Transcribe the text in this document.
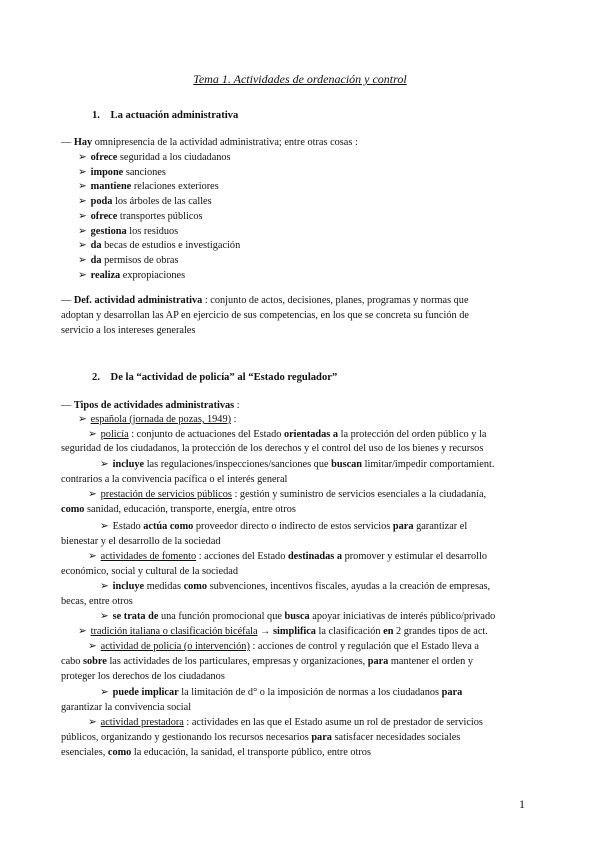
Tema 1. Actividades de ordenación y control
1. La actuación administrativa
— Hay omnipresencia de la actividad administrativa; entre otras cosas :
➢ ofrece seguridad a los ciudadanos
➢ impone sanciones
➢ mantiene relaciones exteriores
➢ poda los árboles de las calles
➢ ofrece transportes públicos
➢ gestiona los residuos
➢ da becas de estudios e investigación
➢ da permisos de obras
➢ realiza expropiaciones
— Def. actividad administrativa : conjunto de actos, decisiones, planes, programas y normas que
adoptan y desarrollan las AP en ejercicio de sus competencias, en los que se concreta su función de
servicio a los intereses generales
2. De la “actividad de policía” al “Estado regulador”
— Tipos de actividades administrativas :
➢ española (jornada de pozas, 1949) :
➢ policía : conjunto de actuaciones del Estado orientadas a la protección del orden público y la
seguridad de los ciudadanos, la protección de los derechos y el control del uso de los bienes y recursos
➢ incluye las regulaciones/inspecciones/sanciones que buscan limitar/impedir comportamient.
contrarios a la convivencia pacífica o el interés general
➢ prestación de servicios públicos : gestión y suministro de servicios esenciales a la ciudadanía,
como sanidad, educación, transporte, energía, entre otros
➢ Estado actúa como proveedor directo o indirecto de estos servicios para garantizar el
bienestar y el desarrollo de la sociedad
➢ actividades de fomento : acciones del Estado destinadas a promover y estimular el desarrollo
económico, social y cultural de la sociedad
➢ incluye medidas como subvenciones, incentivos fiscales, ayudas a la creación de empresas,
becas, entre otros
➢ se trata de una función promocional que busca apoyar iniciativas de interés público/privado
➢ tradición italiana o clasificación bicéfala → simplifica la clasificación en 2 grandes tipos de act.
➢ actividad de policía (o intervención) : acciones de control y regulación que el Estado lleva a
cabo sobre las actividades de los particulares, empresas y organizaciones, para mantener el orden y
proteger los derechos de los ciudadanos
➢ puede implicar la limitación de d° o la imposición de normas a los ciudadanos para
garantizar la convivencia social
➢ actividad prestadora : actividades en las que el Estado asume un rol de prestador de servicios
públicos, organizando y gestionando los recursos necesarios para satisfacer necesidades sociales
esenciales, como la educación, la sanidad, el transporte público, entre otros
1
